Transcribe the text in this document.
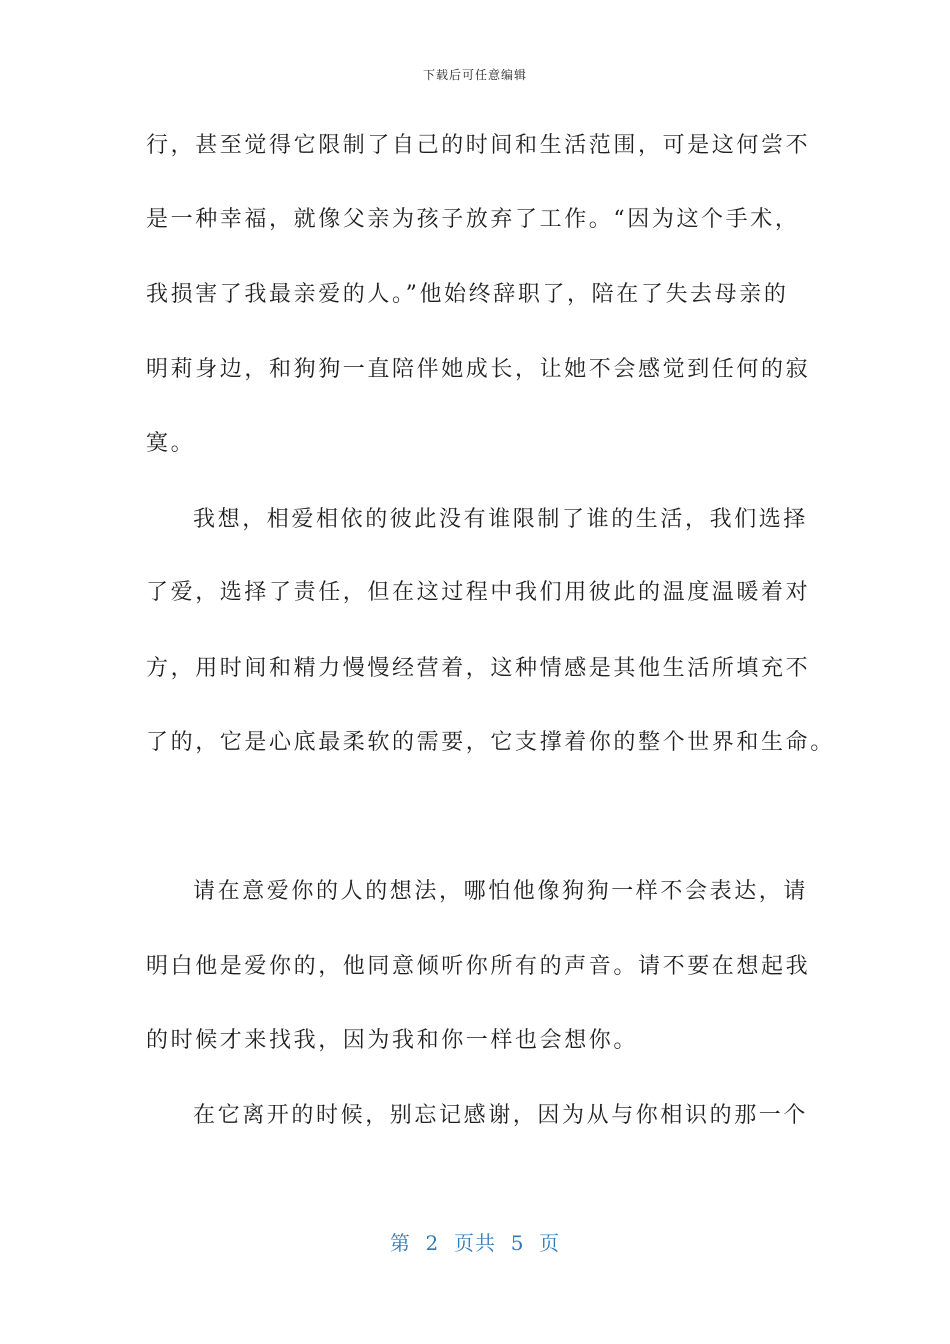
下载后可任意编辑
行，甚至觉得它限制了自己的时间和生活范围，可是这何尝不
是一种幸福，就像父亲为孩子放弃了工作。“因为这个手术，
我损害了我最亲爱的人。”他始终辞职了，陪在了失去母亲的
明莉身边，和狗狗一直陪伴她成长，让她不会感觉到任何的寂
寞。
我想，相爱相依的彼此没有谁限制了谁的生活，我们选择
了爱，选择了责任，但在这过程中我们用彼此的温度温暖着对
方，用时间和精力慢慢经营着，这种情感是其他生活所填充不
了的，它是心底最柔软的需要，它支撑着你的整个世界和生命。
请在意爱你的人的想法，哪怕他像狗狗一样不会表达，请
明白他是爱你的，他同意倾听你所有的声音。请不要在想起我
的时候才来找我，因为我和你一样也会想你。
在它离开的时候，别忘记感谢，因为从与你相识的那一个
第  2  页共  5  页
